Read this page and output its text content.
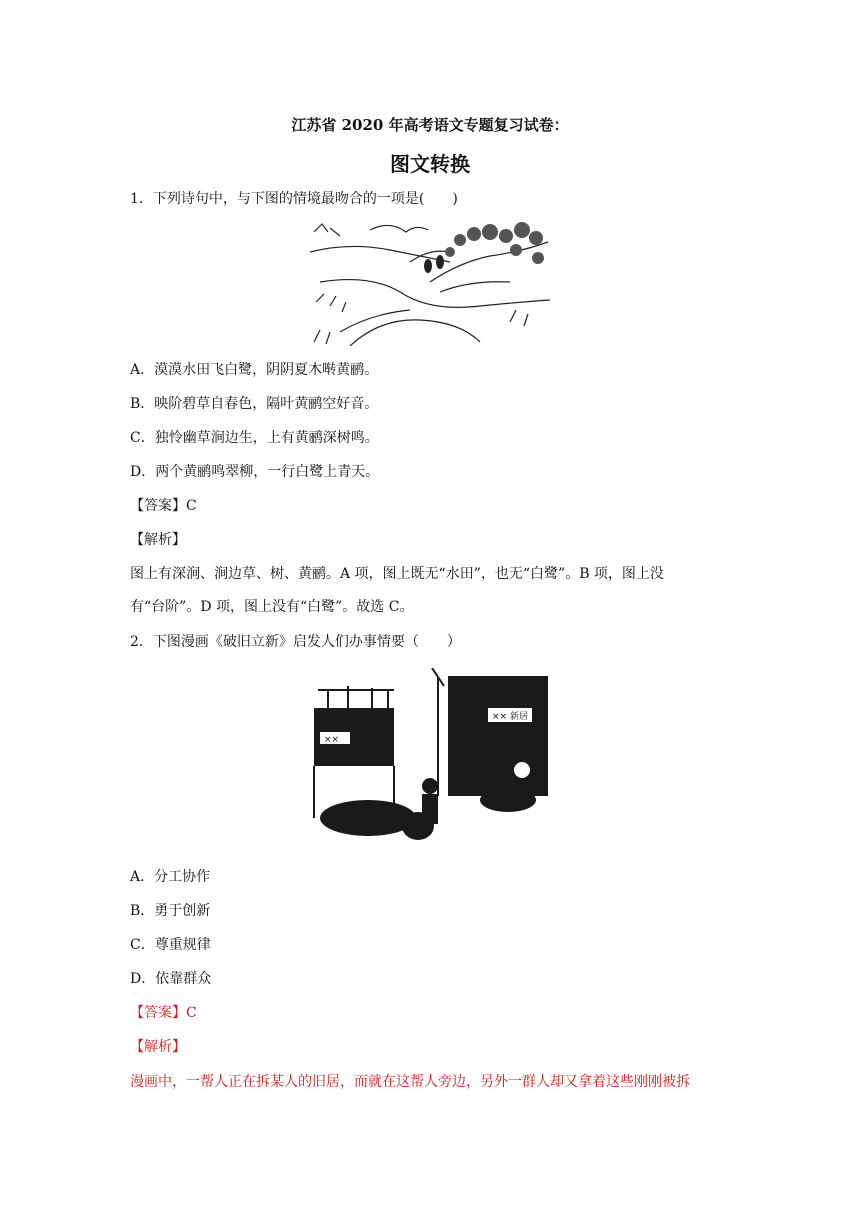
江苏省 2020 年高考语文专题复习试卷：
图文转换
1．下列诗句中，与下图的情境最吻合的一项是(　　)
A．漠漠水田飞白鹭，阴阴夏木啭黄鹂。
B．映阶碧草自春色，隔叶黄鹂空好音。
C．独怜幽草涧边生，上有黄鹂深树鸣。
D．两个黄鹂鸣翠柳，一行白鹭上青天。
【答案】C
【解析】
图上有深涧、涧边草、树、黄鹂。A 项，图上既无“水田”，也无“白鹭”。B 项，图上没
有“台阶”。D 项，图上没有“白鹭”。故选 C。
2．下图漫画《破旧立新》启发人们办事情要（　　）
××
×× 新居
A．分工协作
B．勇于创新
C．尊重规律
D．依靠群众
【答案】C
【解析】
漫画中，一帮人正在拆某人的旧居，而就在这帮人旁边，另外一群人却又拿着这些刚刚被拆
